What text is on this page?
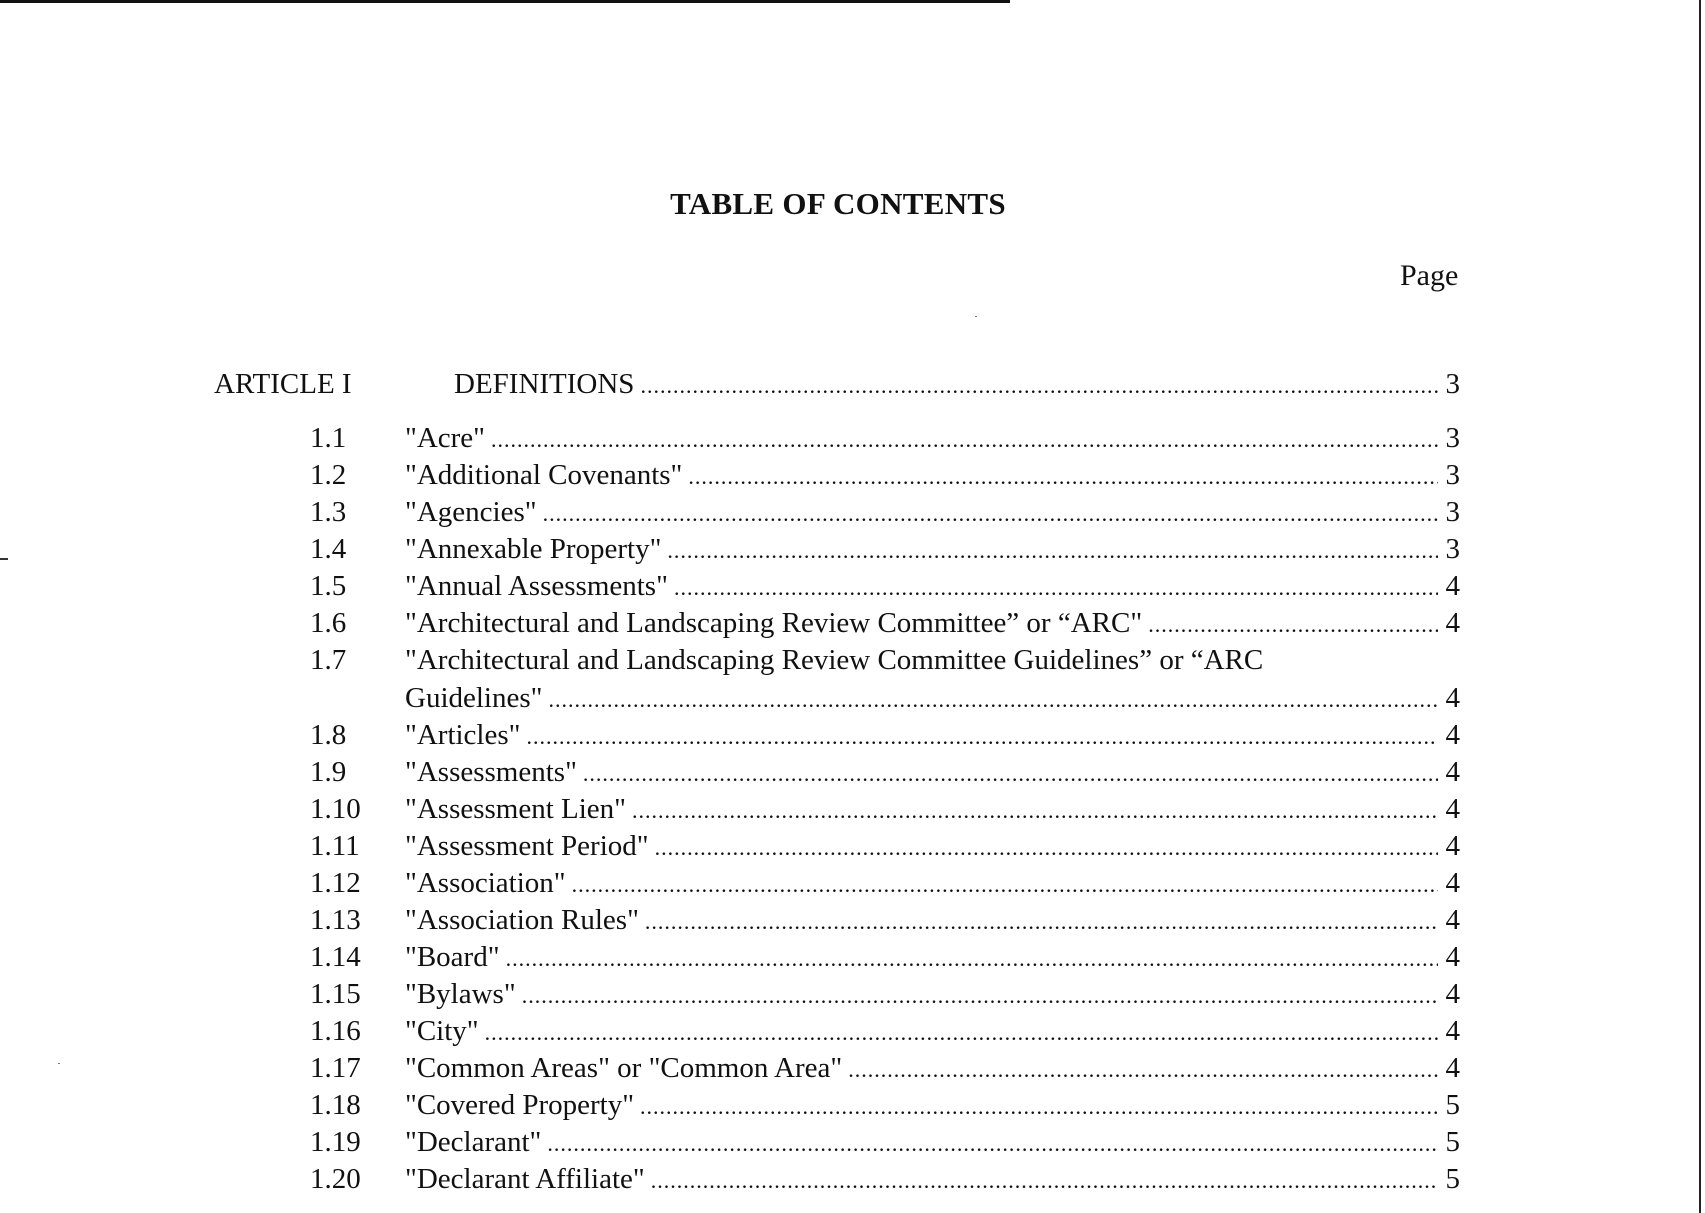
TABLE OF CONTENTS
Page
ARTICLE I	DEFINITIONS .....	3
1.1 "Acre" .....	3
1.2 "Additional Covenants" .....	3
1.3 "Agencies" .....	3
1.4 "Annexable Property" .....	3
1.5 "Annual Assessments" .....	4
1.6 "Architectural and Landscaping Review Committee” or “ARC" .....	4
1.7 "Architectural and Landscaping Review Committee Guidelines” or “ARC
Guidelines" .....	4
1.8 "Articles" .....	4
1.9 "Assessments" .....	4
1.10 "Assessment Lien" .....	4
1.11 "Assessment Period" .....	4
1.12 "Association" .....	4
1.13 "Association Rules" .....	4
1.14 "Board" .....	4
1.15 "Bylaws" .....	4
1.16 "City" .....	4
1.17 "Common Areas" or "Common Area" .....	4
1.18 "Covered Property" .....	5
1.19 "Declarant" .....	5
1.20 "Declarant Affiliate" .....	5
